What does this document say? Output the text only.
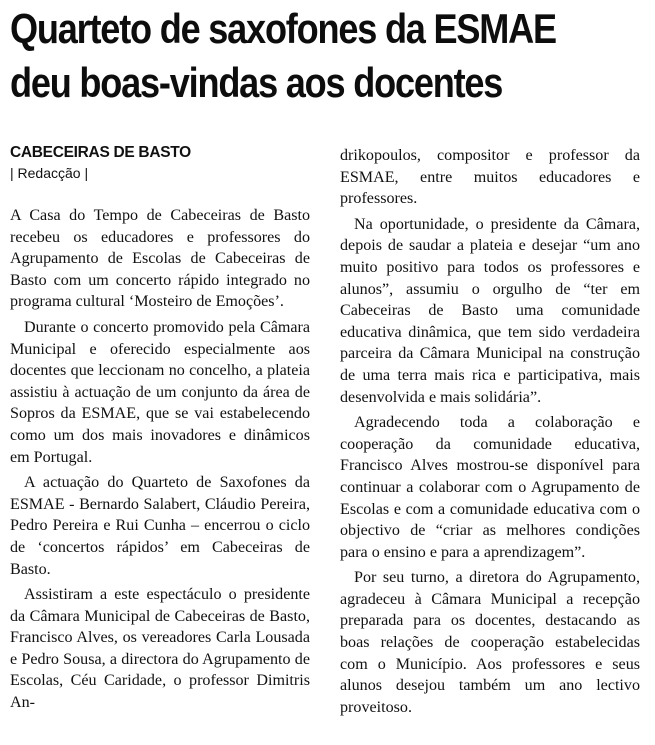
Quarteto de saxofones da ESMAE
deu boas-vindas aos docentes

CABECEIRAS DE BASTO

| Redacção |

A Casa do Tempo de Cabeceiras de Basto recebeu os educadores e professores do Agrupamento de Escolas de Cabeceiras de Basto com um concerto rápido integrado no programa cultural ‘Mosteiro de Emoções’.

Durante o concerto promovido pela Câmara Municipal e oferecido especialmente aos docentes que leccionam no concelho, a plateia assistiu à actuação de um conjunto da área de Sopros da ESMAE, que se vai estabelecendo como um dos mais inovadores e dinâmicos em Portugal.

A actuação do Quarteto de Saxofones da ESMAE - Bernardo Salabert, Cláudio Pereira, Pedro Pereira e Rui Cunha – encerrou o ciclo de ‘concertos rápidos’ em Cabeceiras de Basto.

Assistiram a este espectáculo o presidente da Câmara Municipal de Cabeceiras de Basto, Francisco Alves, os vereadores Carla Lousada e Pedro Sousa, a directora do Agrupamento de Escolas, Céu Caridade, o professor Dimitris An-

drikopoulos, compositor e professor da ESMAE, entre muitos educadores e professores.

Na oportunidade, o presidente da Câmara, depois de saudar a plateia e desejar “um ano muito positivo para todos os professores e alunos”, assumiu o orgulho de “ter em Cabeceiras de Basto uma comunidade educativa dinâmica, que tem sido verdadeira parceira da Câmara Municipal na construção de uma terra mais rica e participativa, mais desenvolvida e mais solidária”.

Agradecendo toda a colaboração e cooperação da comunidade educativa, Francisco Alves mostrou-se disponível para continuar a colaborar com o Agrupamento de Escolas e com a comunidade educativa com o objectivo de “criar as melhores condições para o ensino e para a aprendizagem”.

Por seu turno, a diretora do Agrupamento, agradeceu à Câmara Municipal a recepção preparada para os docentes, destacando as boas relações de cooperação estabelecidas com o Município. Aos professores e seus alunos desejou também um ano lectivo proveitoso.
